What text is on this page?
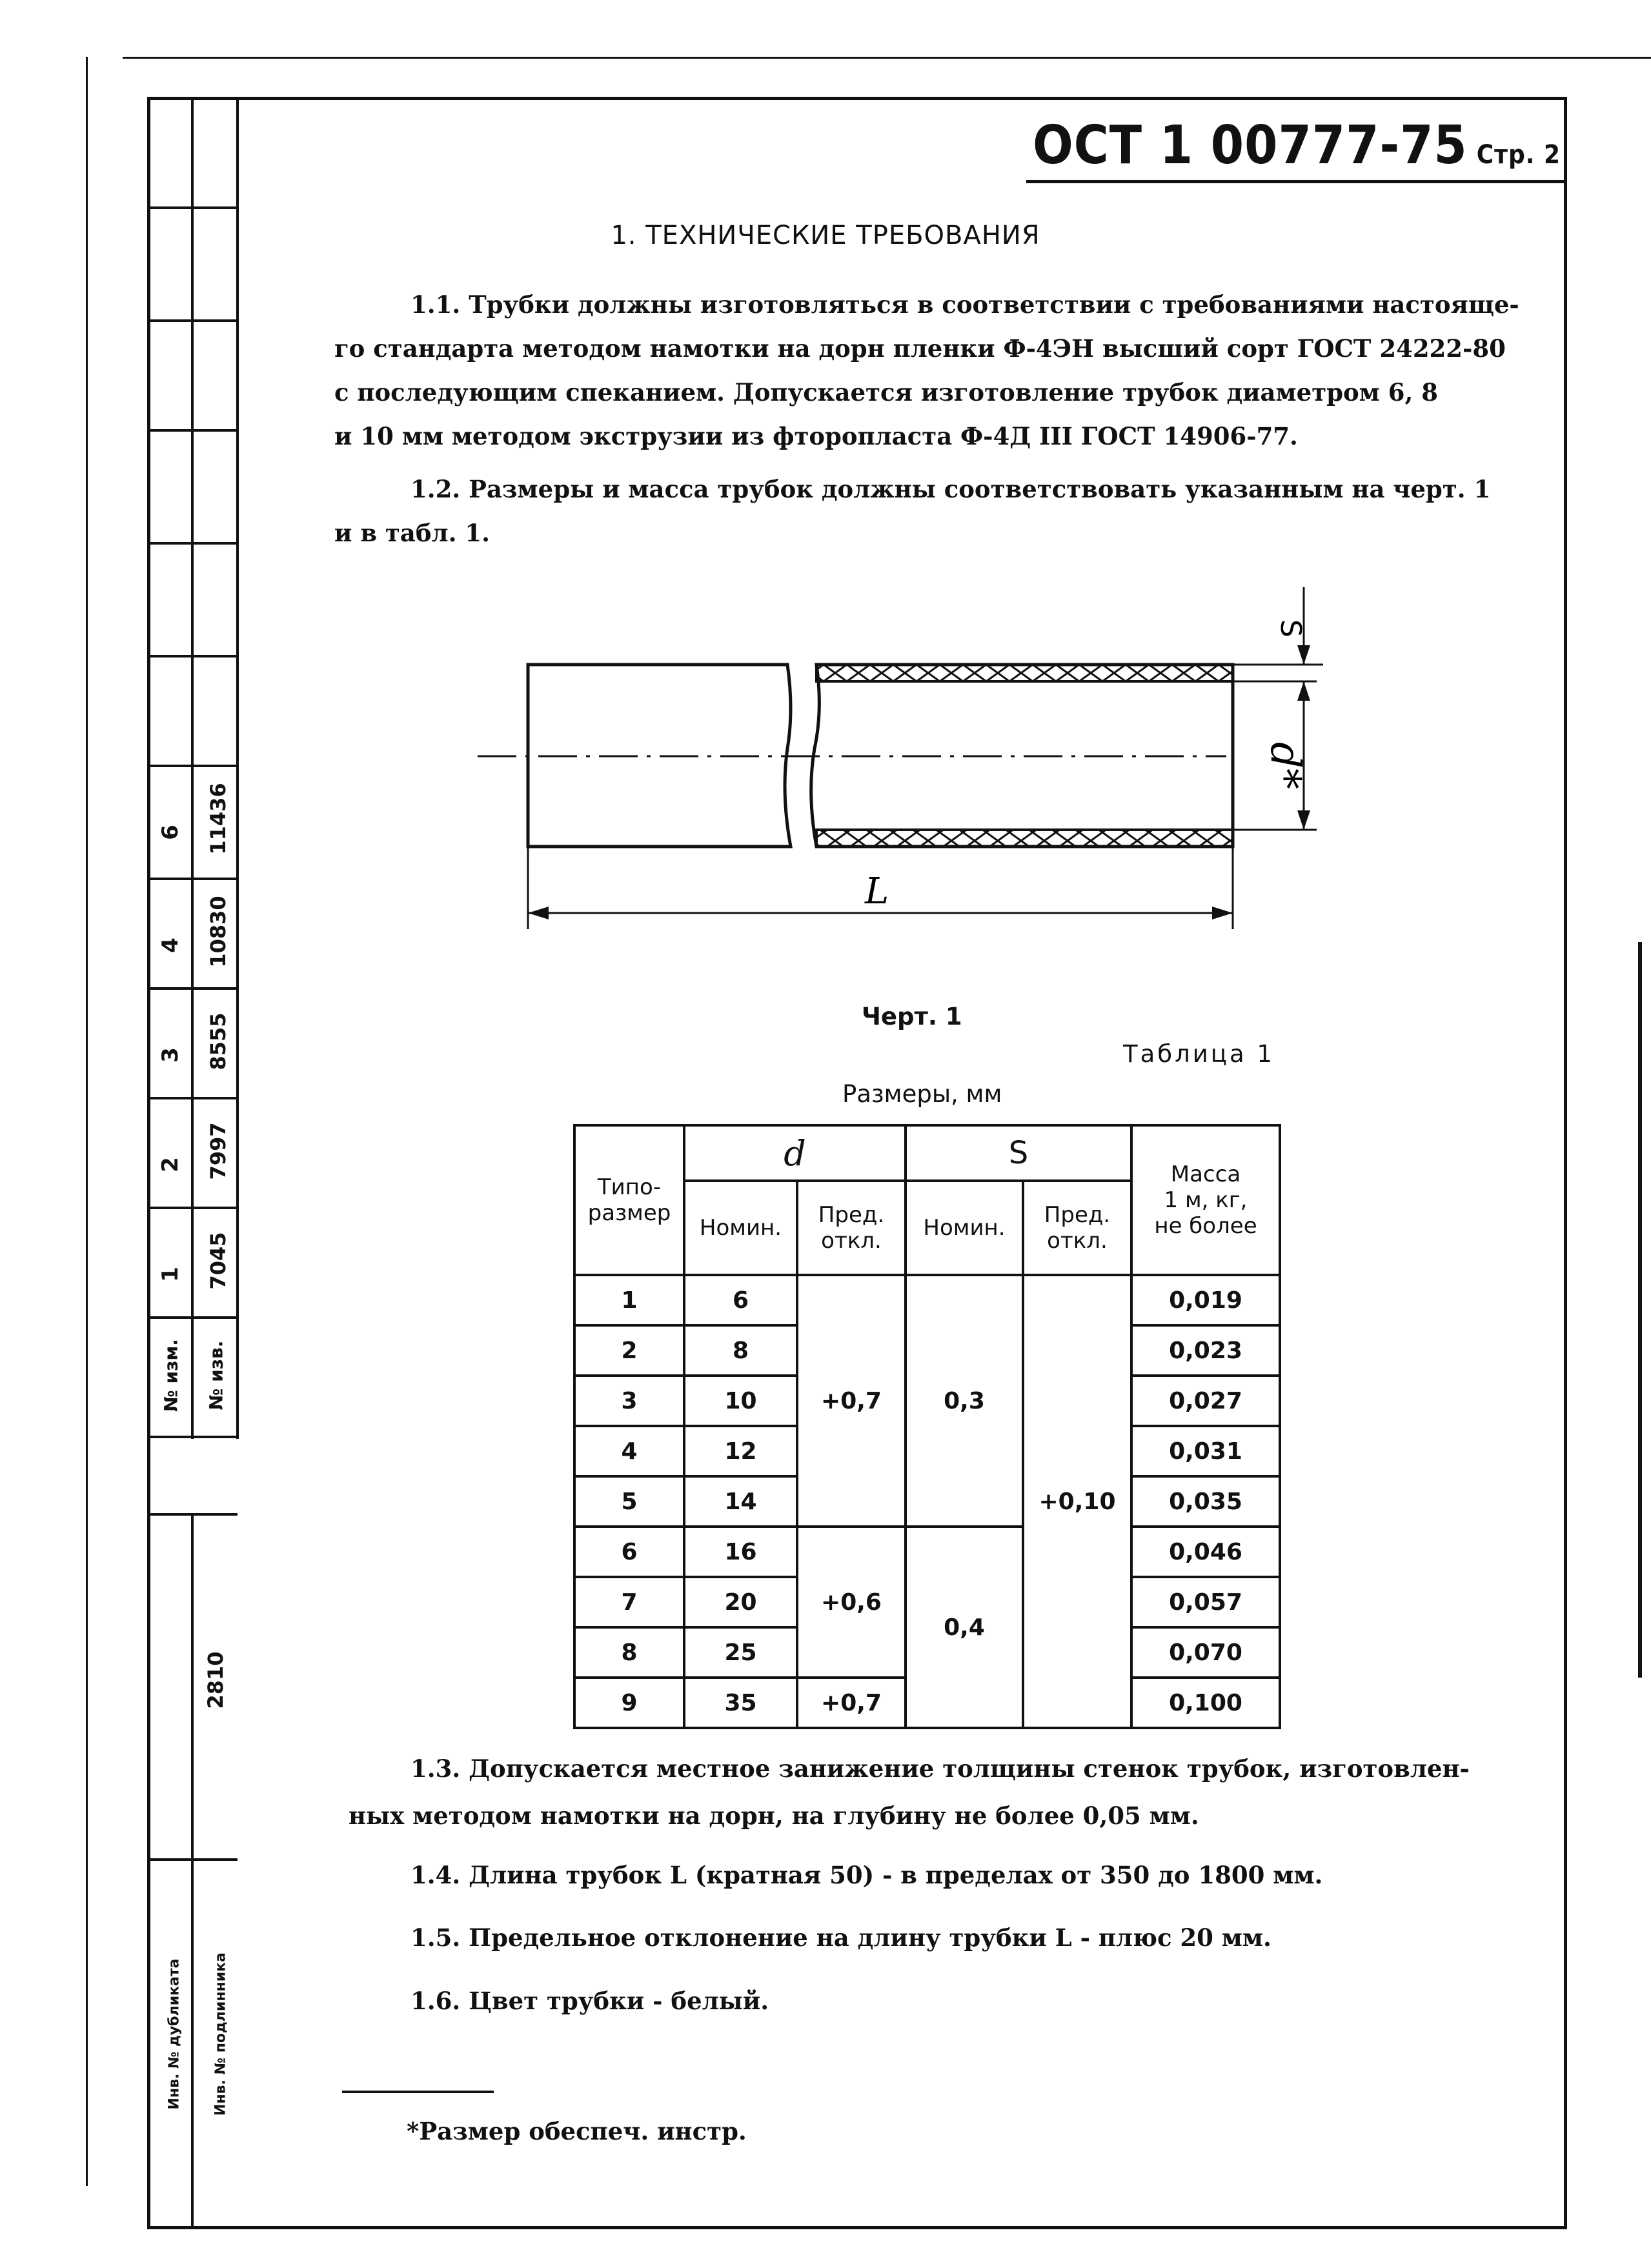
6 11436
4 10830
3 8555
2 7997
1 7045
№ изм. № изв.
2810
Инв. № дубликата Инв. № подлинника
ОСТ 1 00777-75 Стр. 2
1. ТЕХНИЧЕСКИЕ ТРЕБОВАНИЯ
1.1. Трубки должны изготовляться в соответствии с требованиями настояще-
го стандарта методом намотки на дорн пленки Ф-4ЭН высший сорт ГОСТ 24222-80
с последующим спеканием. Допускается изготовление трубок диаметром 6, 8
и 10 мм методом экструзии из фторопласта Ф-4Д III ГОСТ 14906-77.
1.2. Размеры и масса трубок должны соответствовать указанным на черт. 1
и в табл. 1.
S
d*
L
Черт. 1
Таблица 1
Размеры, мм
Типо-
размер	d		S		Масса
1 м, кг,
не более
	Номин.	Пред.
откл.	Номин.	Пред.
откл.	
1	6	+0,7	0,3	+0,10	0,019
2	8				0,023
3	10				0,027
4	12				0,031
5	14				0,035
6	16	+0,6	0,4		0,046
7	20				0,057
8	25				0,070
9	35	+0,7			0,100
1.3. Допускается местное занижение толщины стенок трубок, изготовлен-
ных методом намотки на дорн, на глубину не более 0,05 мм.
1.4. Длина трубок L (кратная 50) - в пределах от 350 до 1800 мм.
1.5. Предельное отклонение на длину трубки L - плюс 20 мм.
1.6. Цвет трубки - белый.
*Размер обеспеч. инстр.
